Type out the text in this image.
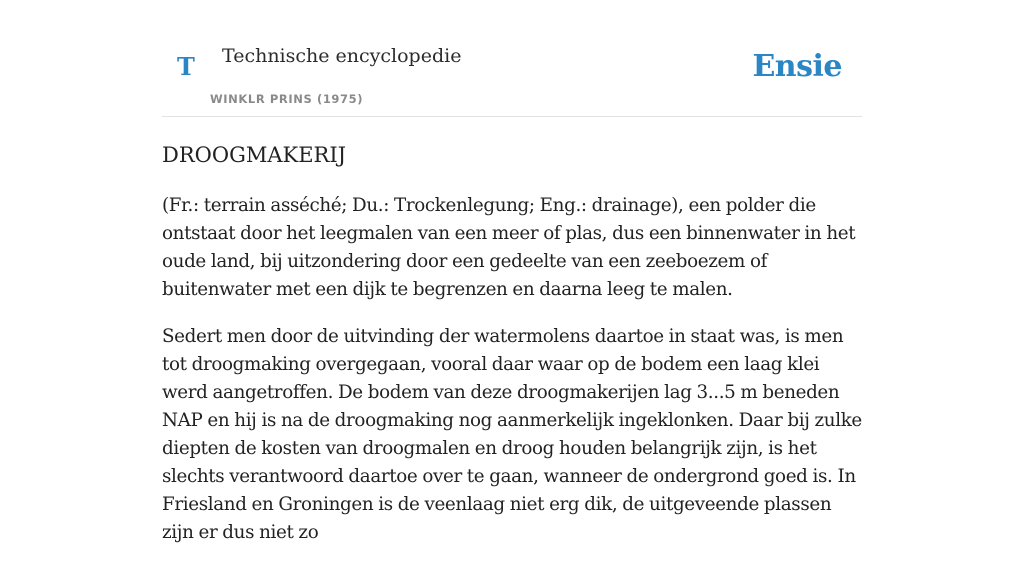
T Technische encyclopedie
WINKLR PRINS (1975)
Ensie
DROOGMAKERIJ

(Fr.: terrain asséché; Du.: Trockenlegung; Eng.: drainage), een polder die ontstaat door het leegmalen van een meer of plas, dus een binnenwater in het oude land, bij uitzondering door een gedeelte van een zeeboezem of buitenwater met een dijk te begrenzen en daarna leeg te malen.

Sedert men door de uitvinding der watermolens daartoe in staat was, is men tot droogmaking overgegaan, vooral daar waar op de bodem een laag klei werd aangetroffen. De bodem van deze droogmakerijen lag 3...5 m beneden NAP en hij is na de droogmaking nog aanmerkelijk ingeklonken. Daar bij zulke diepten de kosten van droogmalen en droog houden belangrijk zijn, is het slechts verantwoord daartoe over te gaan, wanneer de ondergrond goed is. In Friesland en Groningen is de veenlaag niet erg dik, de uitgeveende plassen zijn er dus niet zo
